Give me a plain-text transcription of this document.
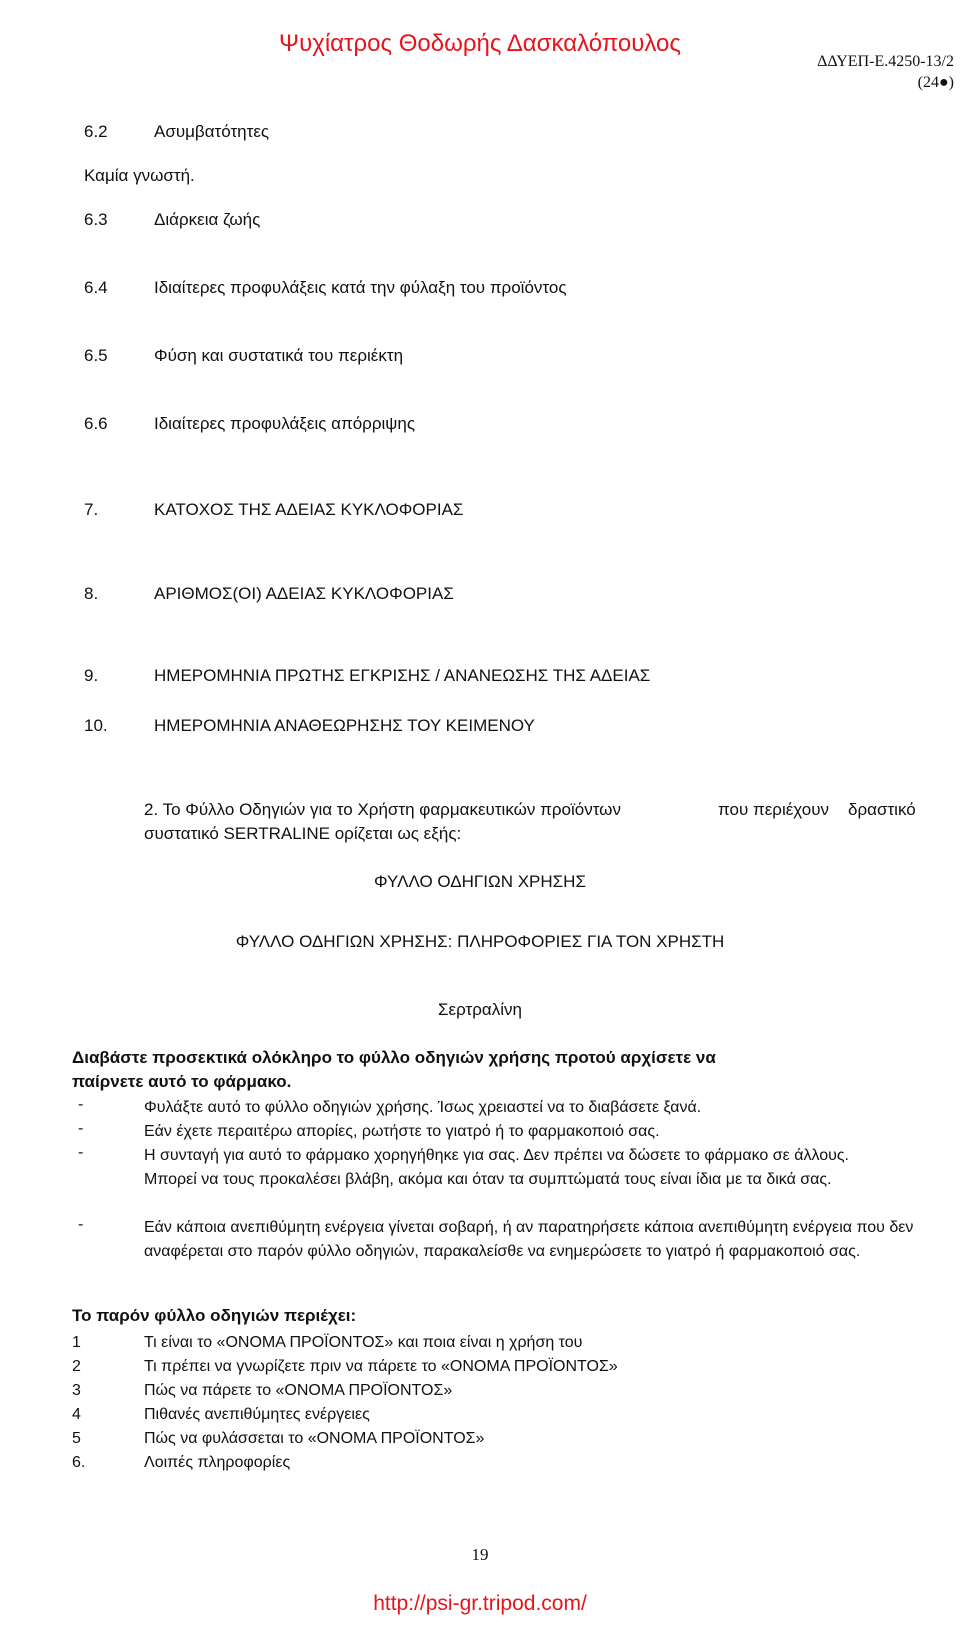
Ψυχίατρος Θοδωρής Δασκαλόπουλος
ΔΔΥΕΠ-Ε.4250-13/2
(24●)
6.2	Ασυμβατότητες
Καμία γνωστή.
6.3	Διάρκεια ζωής
6.4	Ιδιαίτερες προφυλάξεις κατά την φύλαξη του προϊόντος
6.5	Φύση και συστατικά του περιέκτη
6.6	Ιδιαίτερες προφυλάξεις απόρριψης
7.	ΚΑΤΟΧΟΣ ΤΗΣ ΑΔΕΙΑΣ ΚΥΚΛΟΦΟΡΙΑΣ
8.	ΑΡΙΘΜΟΣ(ΟΙ) ΑΔΕΙΑΣ ΚΥΚΛΟΦΟΡΙΑΣ
9.	ΗΜΕΡΟΜΗΝΙΑ ΠΡΩΤΗΣ ΕΓΚΡΙΣΗΣ / ΑΝΑΝΕΩΣΗΣ ΤΗΣ ΑΔΕΙΑΣ
10.	ΗΜΕΡΟΜΗΝΙΑ ΑΝΑΘΕΩΡΗΣΗΣ ΤΟΥ ΚΕΙΜΕΝΟΥ
2. Το Φύλλο Οδηγιών για το Χρήστη φαρμακευτικών προϊόντων	που περιέχουν δραστικό
συστατικό SERTRALINE ορίζεται ως εξής:
ΦΥΛΛΟ ΟΔΗΓΙΩΝ ΧΡΗΣΗΣ
ΦΥΛΛΟ ΟΔΗΓΙΩΝ ΧΡΗΣΗΣ: ΠΛΗΡΟΦΟΡΙΕΣ ΓΙΑ ΤΟΝ ΧΡΗΣΤΗ
Σερτραλίνη
Διαβάστε προσεκτικά ολόκληρο το φύλλο οδηγιών χρήσης προτού αρχίσετε να
παίρνετε αυτό το φάρμακο.
-	Φυλάξτε αυτό το φύλλο οδηγιών χρήσης. Ίσως χρειαστεί να το διαβάσετε ξανά.
-	Εάν έχετε περαιτέρω απορίες, ρωτήστε το γιατρό ή το φαρμακοποιό σας.
-	Η συνταγή για αυτό το φάρμακο χορηγήθηκε για σας. Δεν πρέπει να δώσετε το φάρμακο σε άλλους. Μπορεί να τους προκαλέσει βλάβη, ακόμα και όταν τα συμπτώματά τους είναι ίδια με τα δικά σας.
-	Εάν κάποια ανεπιθύμητη ενέργεια γίνεται σοβαρή, ή αν παρατηρήσετε κάποια ανεπιθύμητη ενέργεια που δεν αναφέρεται στο παρόν φύλλο οδηγιών, παρακαλείσθε να ενημερώσετε το γιατρό ή φαρμακοποιό σας.
Το παρόν φύλλο οδηγιών περιέχει:
1	Τι είναι το «ΟΝΟΜΑ ΠΡΟΪΟΝΤΟΣ» και ποια είναι η χρήση του
2	Τι πρέπει να γνωρίζετε πριν να πάρετε το «ΟΝΟΜΑ ΠΡΟΪΟΝΤΟΣ»
3	Πώς να πάρετε το «ΟΝΟΜΑ ΠΡΟΪΟΝΤΟΣ»
4	Πιθανές ανεπιθύμητες ενέργειες
5	Πώς να φυλάσσεται το «ΟΝΟΜΑ ΠΡΟΪΟΝΤΟΣ»
6.	Λοιπές πληροφορίες
19
http://psi-gr.tripod.com/
